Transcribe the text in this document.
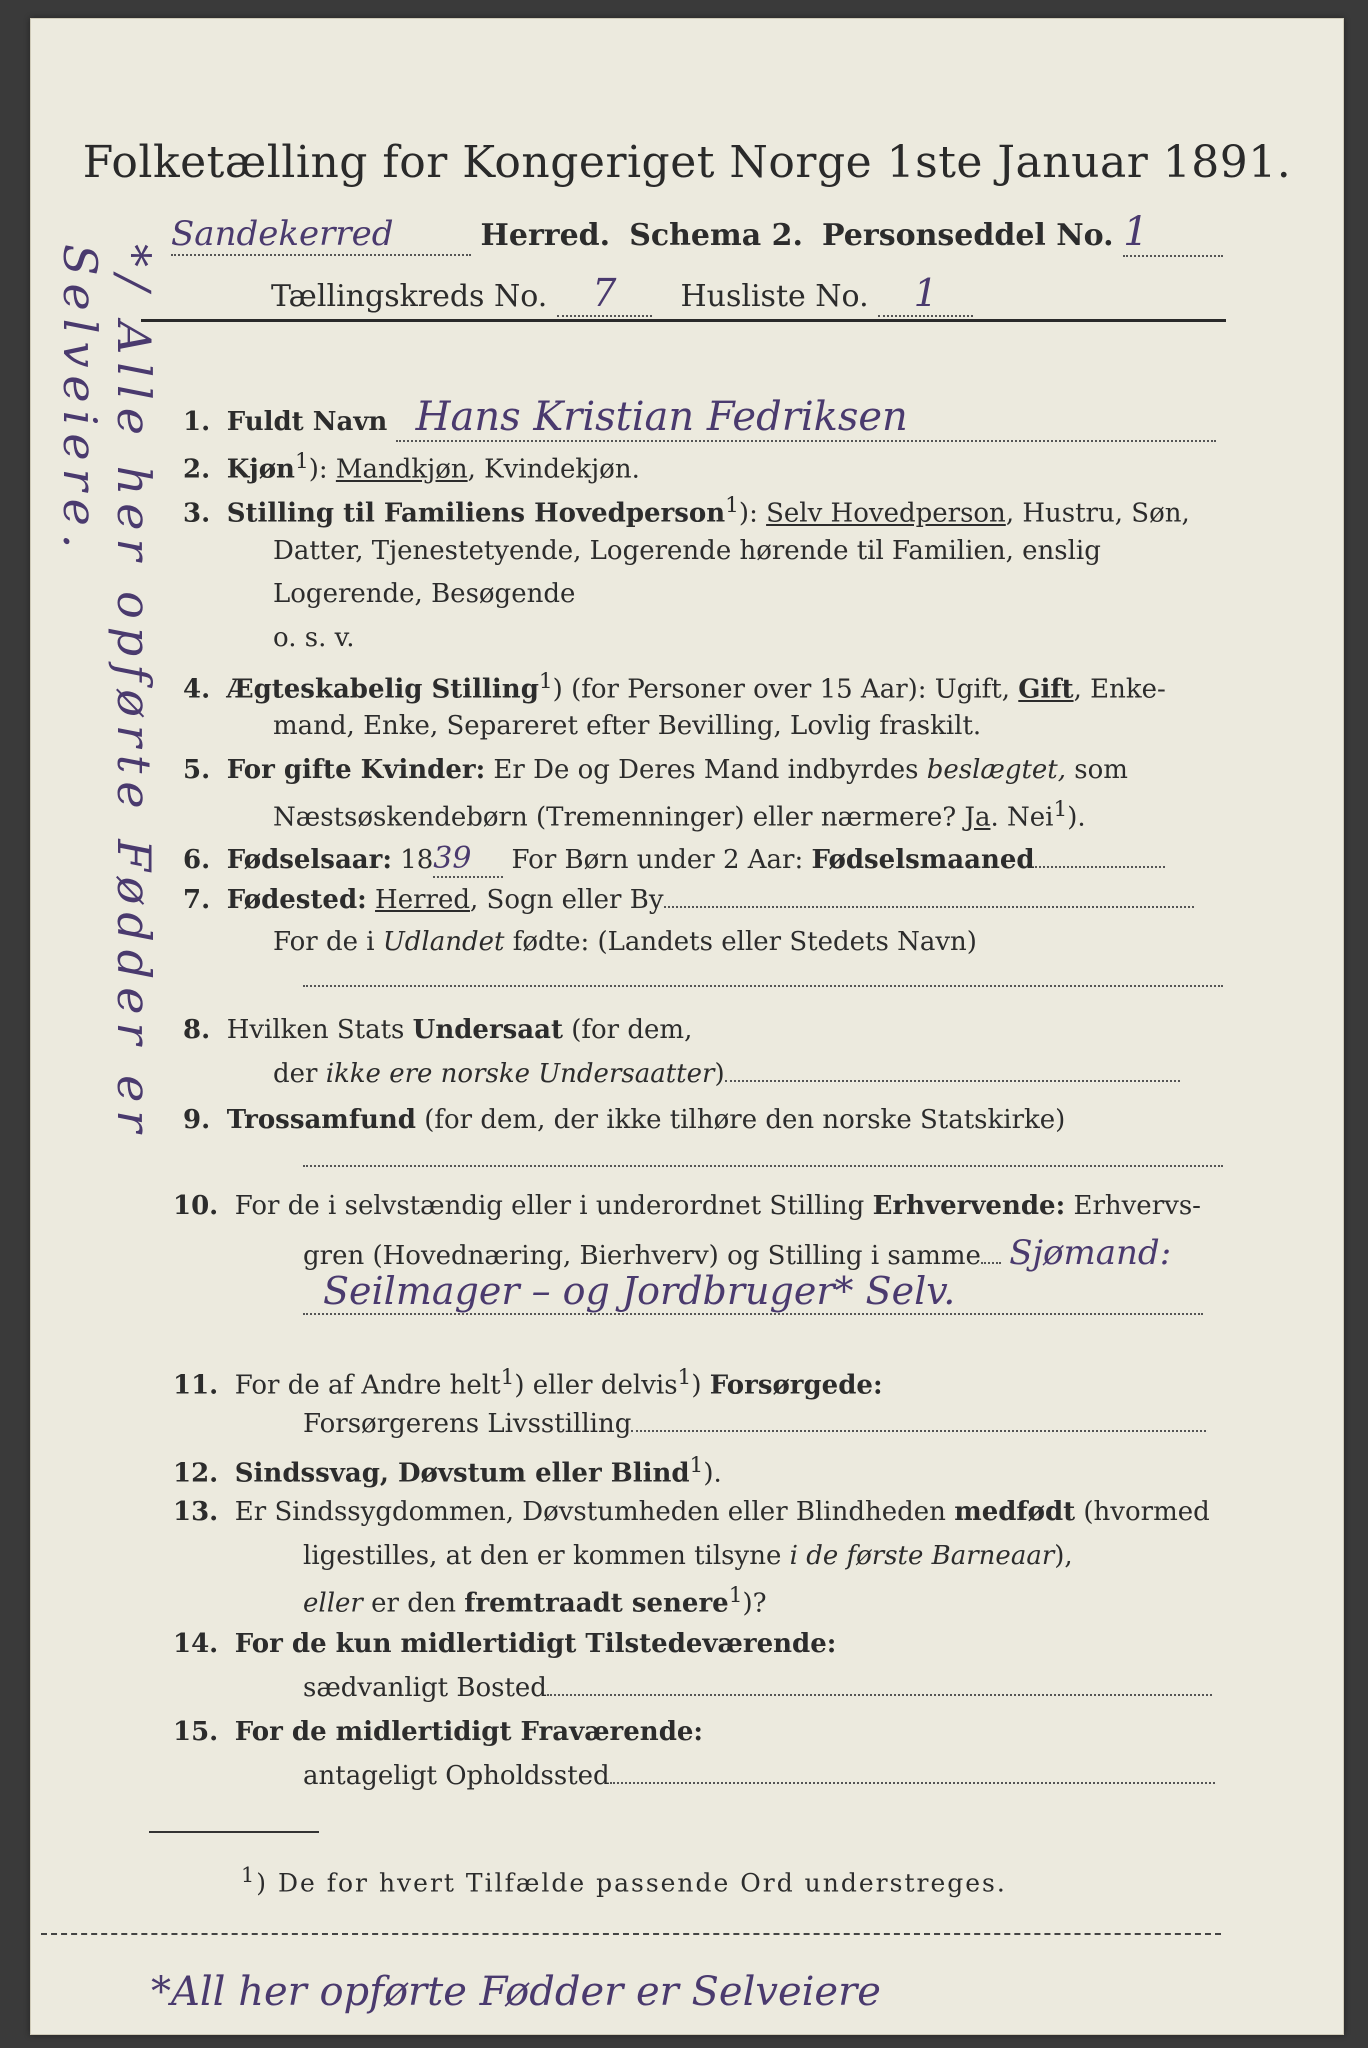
Folketælling for Kongeriget Norge 1ste Januar 1891.
Sandekerred	Herred. Schema 2. Personseddel No. 1
Tællingskreds No. 7 Husliste No. 1
*/ Alle her opførte Fødder er Selveiere.	1. Fuldt Navn Hans Kristian Fedriksen
2. Kjøn$^1$): Mandkjøn, Kvindekjøn.
3. Stilling til Familiens Hovedperson$^1$): Selv Hovedperson, Hustru, Søn,
Datter, Tjenestetyende, Logerende hørende til Familien, enslig
Logerende, Besøgende
o. s. v.
4. Ægteskabelig Stilling$^1$) (for Personer over 15 Aar): Ugift, Gift, Enke-
mand, Enke, Separeret efter Bevilling, Lovlig fraskilt.
5. For gifte Kvinder: Er De og Deres Mand indbyrdes beslægtet, som
Næstsøskendebørn (Tremenninger) eller nærmere? Ja. Nei$^1$).
6. Fødselsaar: 1839 For Børn under 2 Aar: Fødselsmaaned
7. Fødested: Herred, Sogn eller By
For de i Udlandet fødte: (Landets eller Stedets Navn)
8. Hvilken Stats Undersaat (for dem,
der ikke ere norske Undersaatter)
9. Trossamfund (for dem, der ikke tilhøre den norske Statskirke)
10. For de i selvstændig eller i underordnet Stilling Erhvervende: Erhvervs-
gren (Hovednæring, Bierhverv) og Stilling i samme Sjømand:
Seilmager – og Jordbruger* Selv.
11. For de af Andre helt$^1$) eller delvis$^1$) Forsørgede:
Forsørgerens Livsstilling
12. Sindssvag, Døvstum eller Blind$^1$).
13. Er Sindssygdommen, Døvstumheden eller Blindheden medfødt (hvormed
ligestilles, at den er kommen tilsyne i de første Barneaar),
eller er den fremtraadt senere$^1$)?
14. For de kun midlertidigt Tilstedeværende:
sædvanligt Bosted
15. For de midlertidigt Fraværende:
antageligt Opholdssted
$^1$) De for hvert Tilfælde passende Ord understreges.
*All her opførte Fødder er Selveiere
